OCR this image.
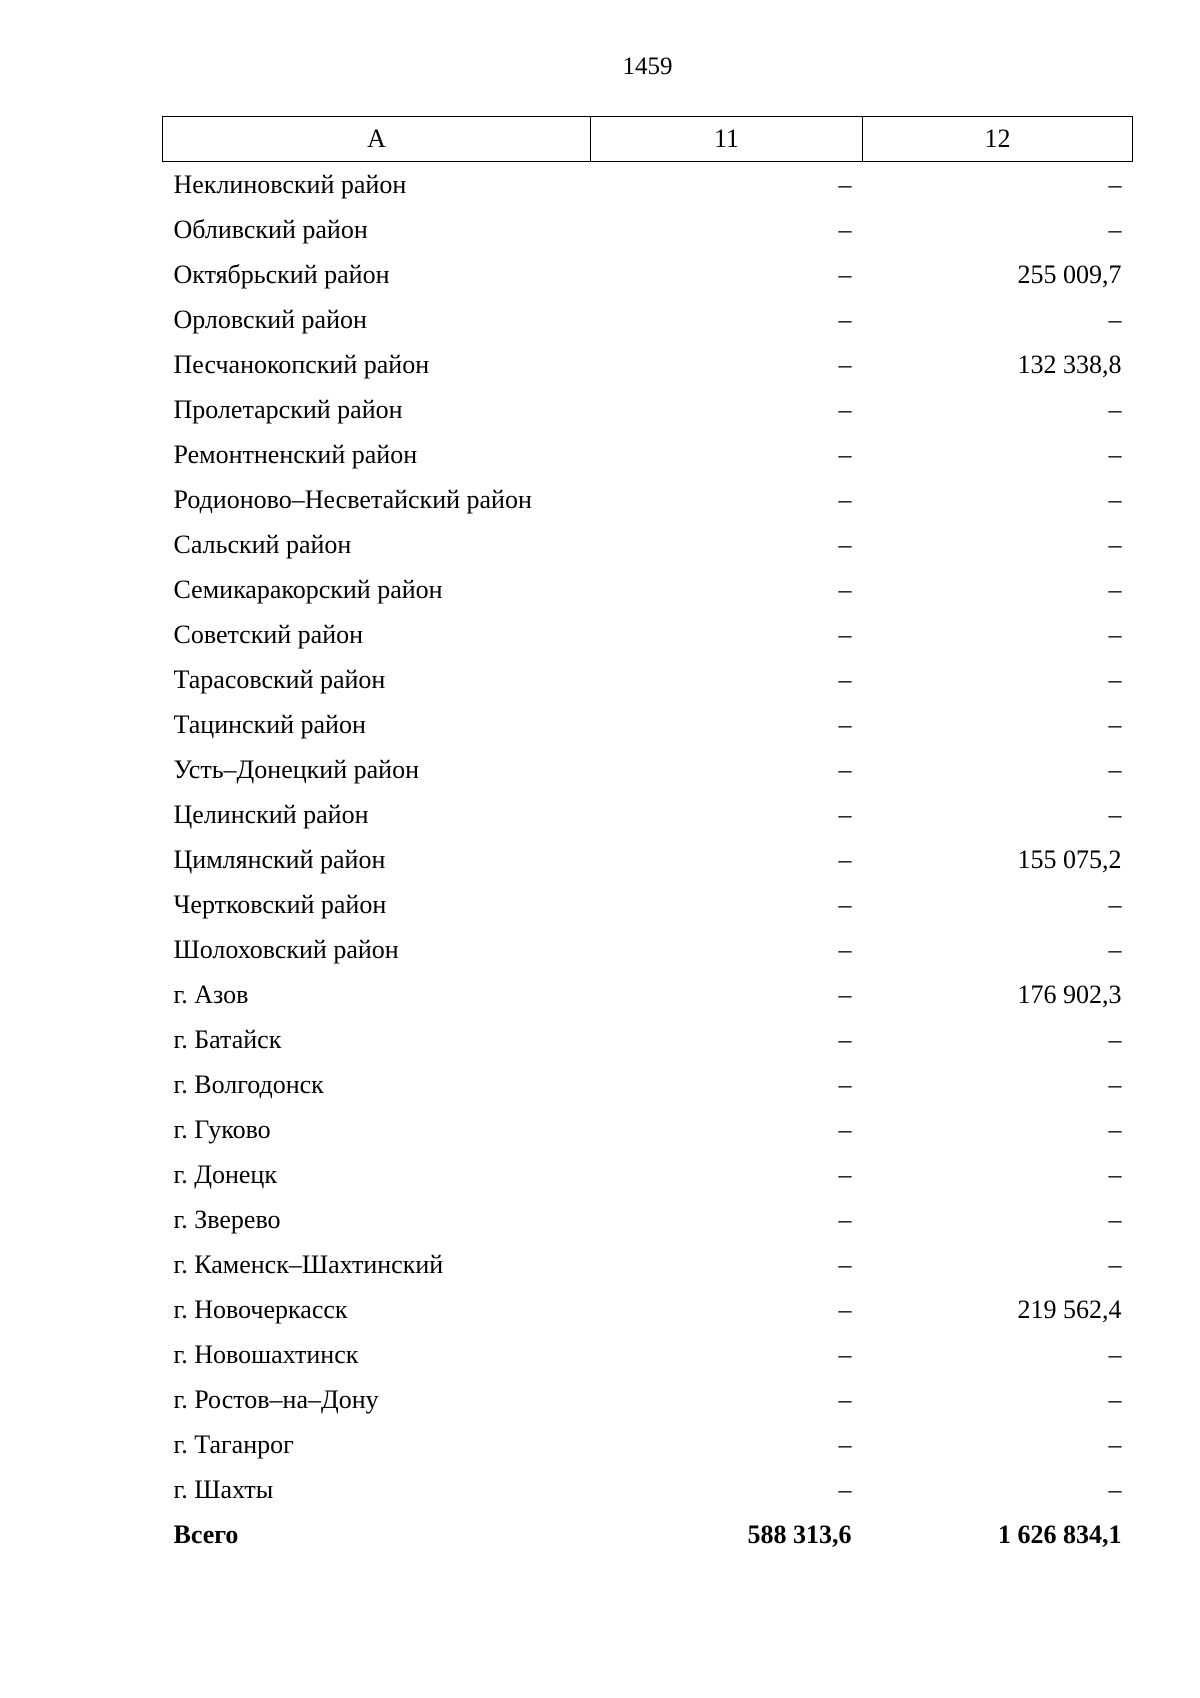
1459
А	11	12
Неклиновский район	–	–
Обливский район	–	–
Октябрьский район	–	255 009,7
Орловский район	–	–
Песчанокопский район	–	132 338,8
Пролетарский район	–	–
Ремонтненский район	–	–
Родионово–Несветайский район	–	–
Сальский район	–	–
Семикаракорский район	–	–
Советский район	–	–
Тарасовский район	–	–
Тацинский район	–	–
Усть–Донецкий район	–	–
Целинский район	–	–
Цимлянский район	–	155 075,2
Чертковский район	–	–
Шолоховский район	–	–
г. Азов	–	176 902,3
г. Батайск	–	–
г. Волгодонск	–	–
г. Гуково	–	–
г. Донецк	–	–
г. Зверево	–	–
г. Каменск–Шахтинский	–	–
г. Новочеркасск	–	219 562,4
г. Новошахтинск	–	–
г. Ростов–на–Дону	–	–
г. Таганрог	–	–
г. Шахты	–	–
Всего	588 313,6	1 626 834,1
